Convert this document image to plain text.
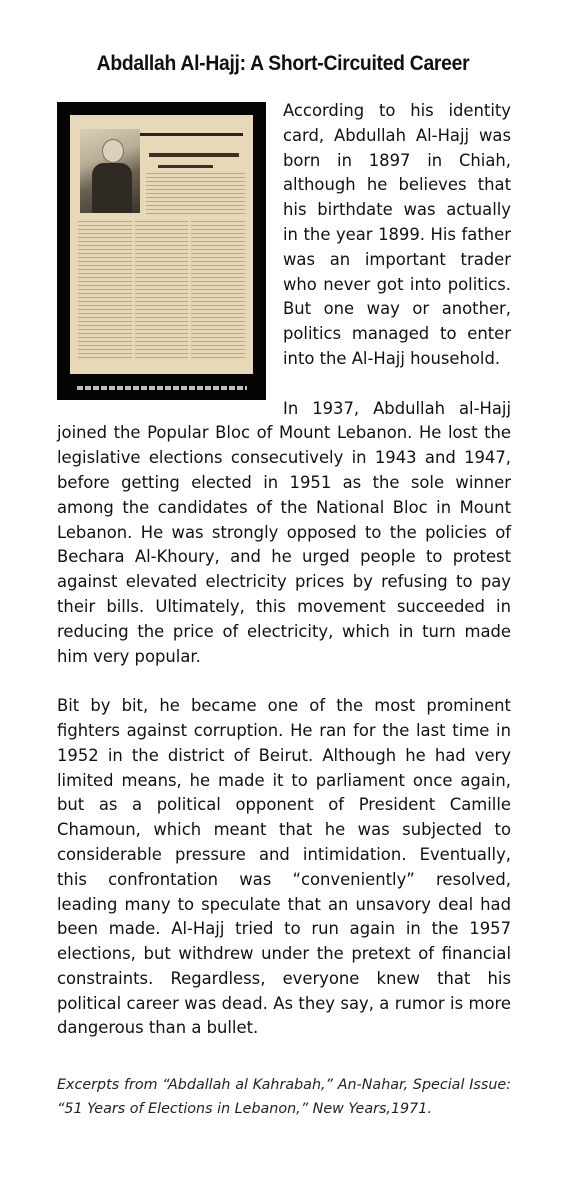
Abdallah Al-Hajj: A Short-Circuited Career

According to his identity card, Abdullah Al-Hajj was born in 1897 in Chiah, although he believes that his birthdate was actually in the year 1899. His father was an important trader who never got into politics. But one way or another, politics managed to enter into the Al-Hajj household.

In 1937, Abdullah al-Hajj joined the Popular Bloc of Mount Lebanon. He lost the legislative elections consecutively in 1943 and 1947, before getting elected in 1951 as the sole winner among the candidates of the National Bloc in Mount Lebanon. He was strongly opposed to the policies of Bechara Al-Khoury, and he urged people to protest against elevated electricity prices by refusing to pay their bills. Ultimately, this movement succeeded in reducing the price of electricity, which in turn made him very popular.

Bit by bit, he became one of the most prominent fighters against corruption. He ran for the last time in 1952 in the district of Beirut. Although he had very limited means, he made it to parliament once again, but as a political opponent of President Camille Chamoun, which meant that he was subjected to considerable pressure and intimidation. Eventually, this confrontation was “conveniently” resolved, leading many to speculate that an unsavory deal had been made. Al-Hajj tried to run again in the 1957 elections, but withdrew under the pretext of financial constraints. Regardless, everyone knew that his political career was dead. As they say, a rumor is more dangerous than a bullet.

Excerpts from “Abdallah al Kahrabah,” An-Nahar, Special Issue: “51 Years of Elections in Lebanon,” New Years,1971.
